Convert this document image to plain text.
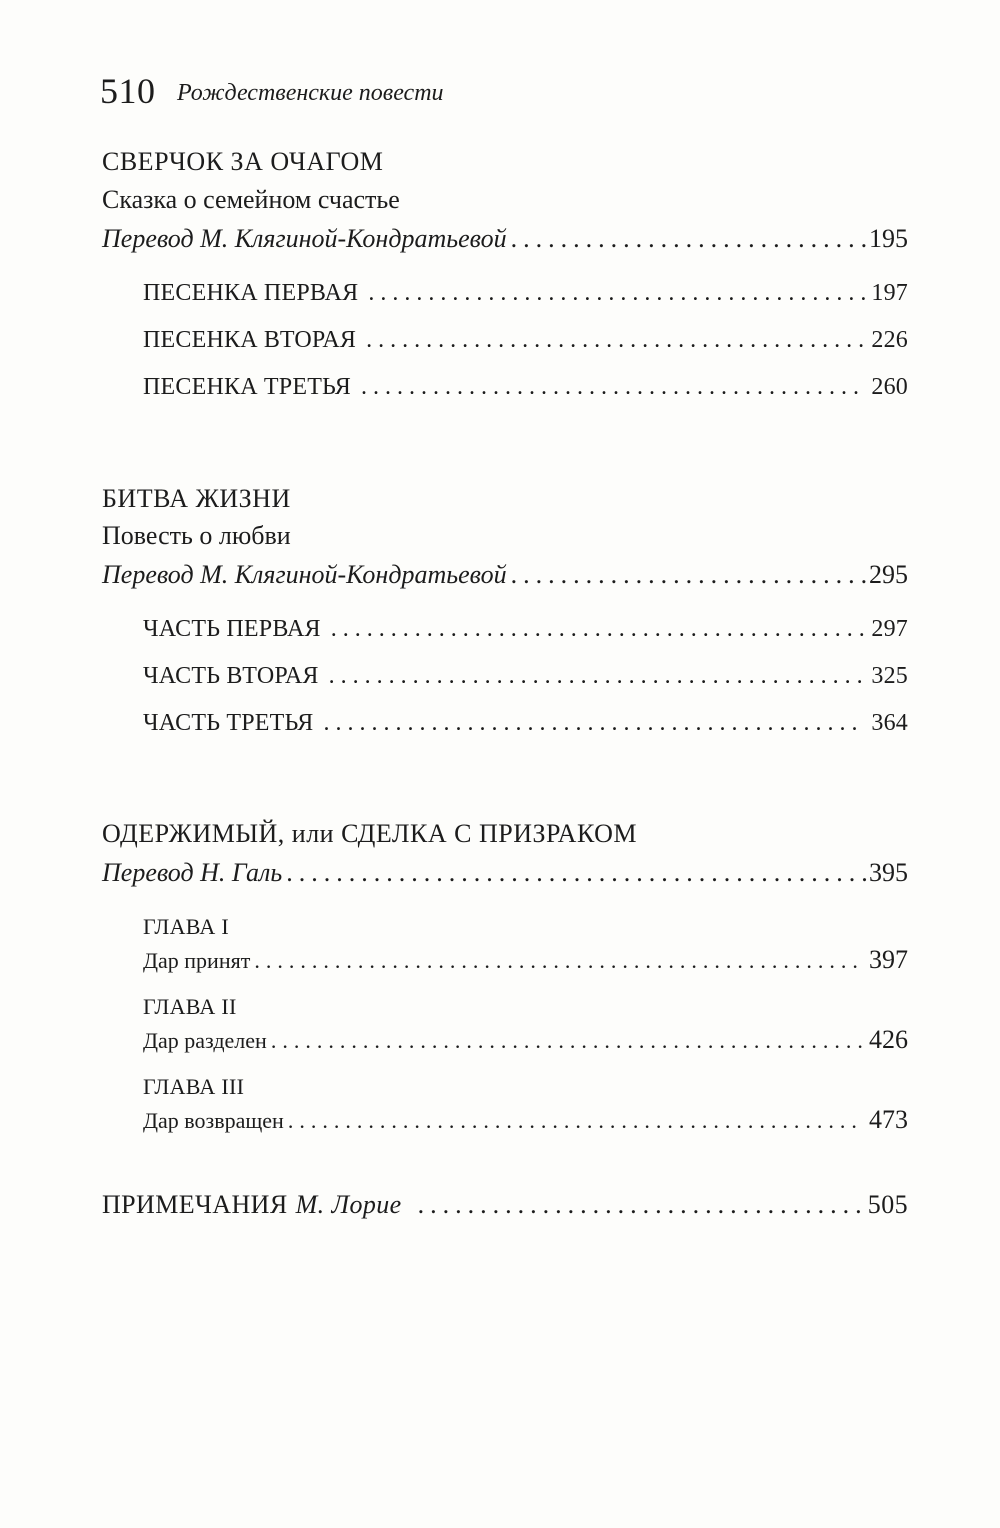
510 Рождественские повести
СВЕРЧОК ЗА ОЧАГОМ
Сказка о семейном счастье
Перевод М. Клягиной-Кондратьевой .....	195
ПЕСЕНКА ПЕРВАЯ .....	197
ПЕСЕНКА ВТОРАЯ .....	226
ПЕСЕНКА ТРЕТЬЯ .....	260
БИТВА ЖИЗНИ
Повесть о любви
Перевод М. Клягиной-Кондратьевой .....	295
ЧАСТЬ ПЕРВАЯ .....	297
ЧАСТЬ ВТОРАЯ .....	325
ЧАСТЬ ТРЕТЬЯ .....	364
ОДЕРЖИМЫЙ, или СДЕЛКА С ПРИЗРАКОМ
Перевод Н. Галь .....	395
ГЛАВА I
Дар принят .....	397
ГЛАВА II
Дар разделен .....	426
ГЛАВА III
Дар возвращен .....	473
ПРИМЕЧАНИЯ М. Лорие .....	505
